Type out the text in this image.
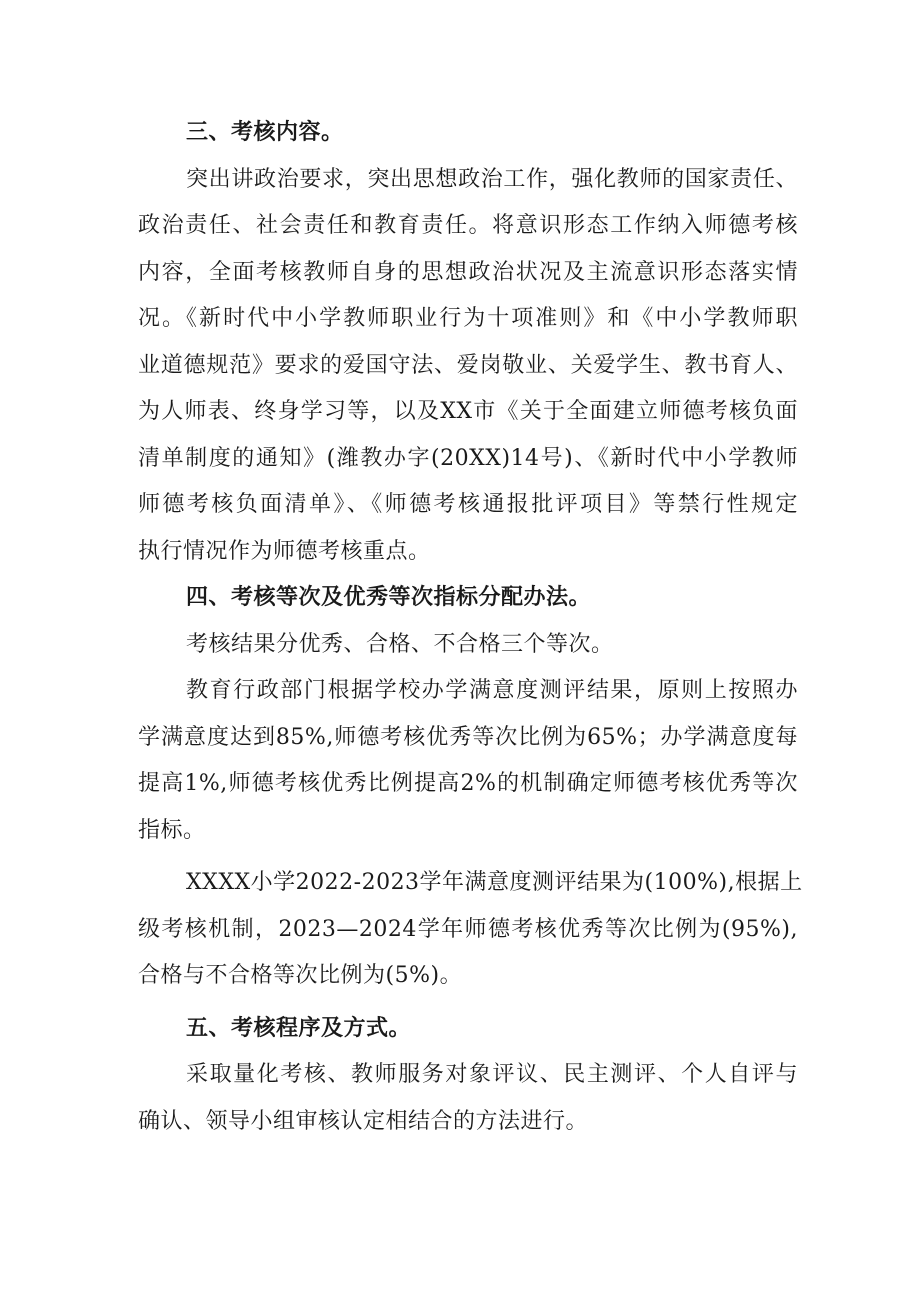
三、考核内容。
突出讲政治要求，突出思想政治工作，强化教师的国家责任、
政治责任、社会责任和教育责任。将意识形态工作纳入师德考核
内容，全面考核教师自身的思想政治状况及主流意识形态落实情
况。《新时代中小学教师职业行为十项准则》和《中小学教师职
业道德规范》要求的爱国守法、爱岗敬业、关爱学生、教书育人、
为人师表、终身学习等，以及XX市《关于全面建立师德考核负面
清单制度的通知》(潍教办字(20XX)14号)、《新时代中小学教师
师德考核负面清单》、《师德考核通报批评项目》等禁行性规定
执行情况作为师德考核重点。
四、考核等次及优秀等次指标分配办法。
考核结果分优秀、合格、不合格三个等次。
教育行政部门根据学校办学满意度测评结果，原则上按照办
学满意度达到85%,师德考核优秀等次比例为65%；办学满意度每
提高1%,师德考核优秀比例提高2%的机制确定师德考核优秀等次
指标。
XXXX小学2022-2023学年满意度测评结果为(100%),根据上
级考核机制，2023—2024学年师德考核优秀等次比例为(95%),
合格与不合格等次比例为(5%)。
五、考核程序及方式。
采取量化考核、教师服务对象评议、民主测评、个人自评与
确认、领导小组审核认定相结合的方法进行。
